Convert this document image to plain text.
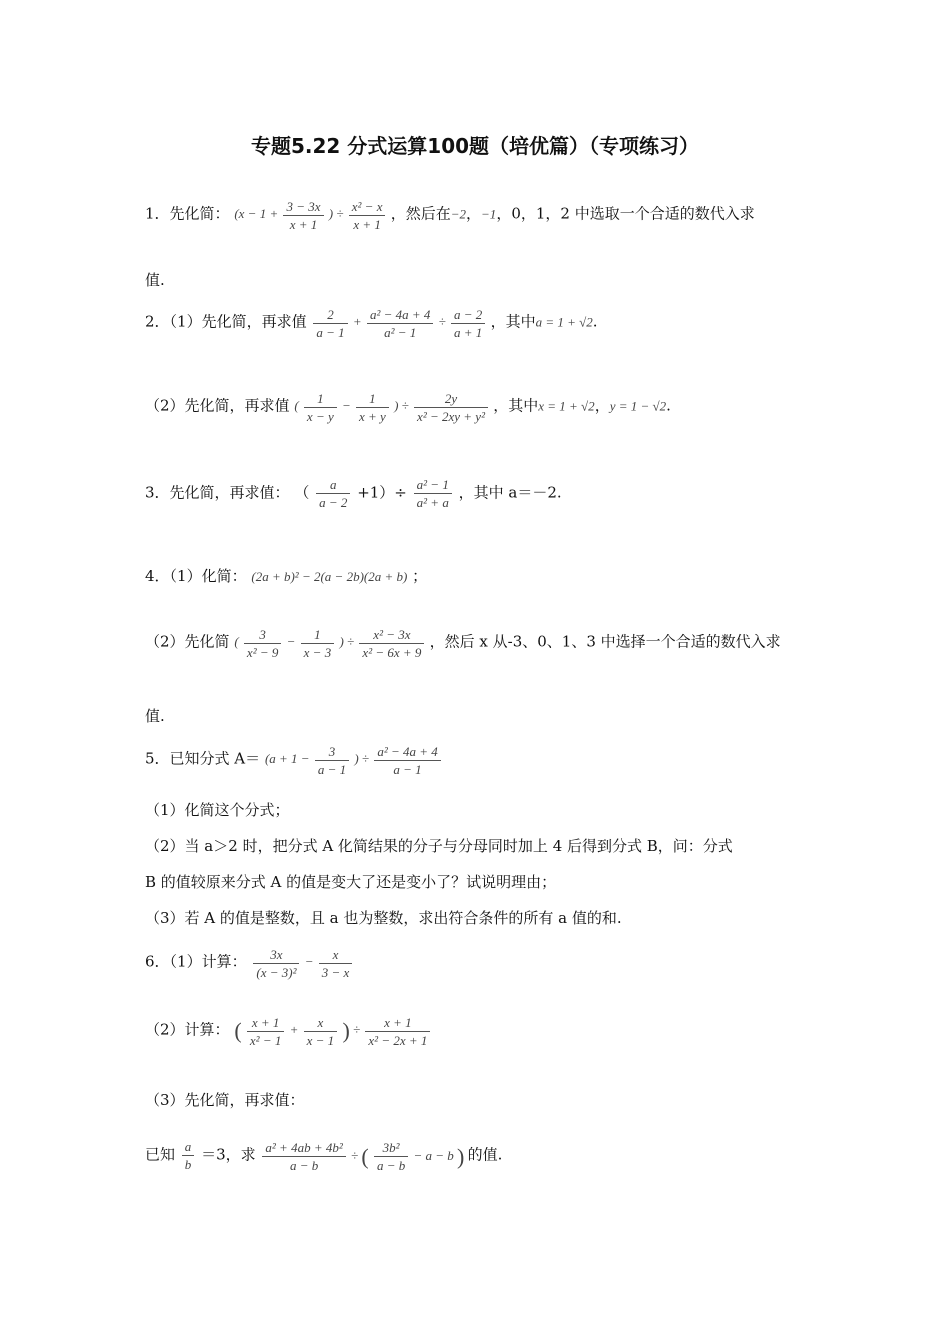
专题5.22 分式运算100题（培优篇）（专项练习）
1．先化简： ($x - 1 + \frac{3 - 3x}{x + 1}$ ) ÷ $\frac{\text{x² − x}}{x + 1}$ ，然后在−2，−1，0，1，2 中选取一个合适的数代入求
值.
2．（1）先化简，再求值 $\frac{2}{a - 1} + \frac{\text{a² − 4a + 4}}{\text{a² − 1}} \div \frac{a - 2}{a + 1}$ ，其中a = 1 + √2.
（2）先化简，再求值 ( $\frac{1}{x - y} - \frac{1}{x + y}$ ) ÷ $\frac{2y}{\text{x² − 2xy + y²}}$ ，其中x = 1 + √2，y = 1 − √2.
3．先化简，再求值： （ $\frac{a}{a - 2} +1)\div \frac{\text{a² − 1}}{\text{a² + a}}$ ，其中 a＝－2.
4．（1）化简： (2a + b)² − 2(a − 2b)(2a + b) ；
（2）先化简 ( $\frac{3}{\text{x² − 9}} - \frac{1}{x - 3}$ ) ÷ $\frac{\text{x² − 3x}}{\text{x² − 6x + 9}}$ ，然后 x 从-3、0、1、3 中选择一个合适的数代入求
值.
5．已知分式 $A= (a + 1 - \frac{3}{a - 1}$ ) ÷ $\frac{\text{a² − 4a + 4}}{a - 1}$
（1）化简这个分式；
（2）当 a＞2 时，把分式 A 化简结果的分子与分母同时加上 4 后得到分式 B，问：分式
B 的值较原来分式 A 的值是变大了还是变小了？试说明理由；
（3）若 A 的值是整数，且 a 也为整数，求出符合条件的所有 a 值的和.
6．（1）计算： $\frac{3x}{\text{(x − 3)²}} - \frac{x}{3 - x}$
（2）计算： ( $\frac{x + 1}{\text{x² − 1}} + \frac{x}{x - 1}$ ) ÷ $\frac{x + 1}{\text{x² − 2x + 1}}$
（3）先化简，再求值：
已知 $\frac{a}{b} =3$，求 $\frac{\text{a² + 4ab + 4b²}}{a - b}$ ÷ ( $\frac{\text{3b²}}{a - b} - a - b$ ) 的值.
